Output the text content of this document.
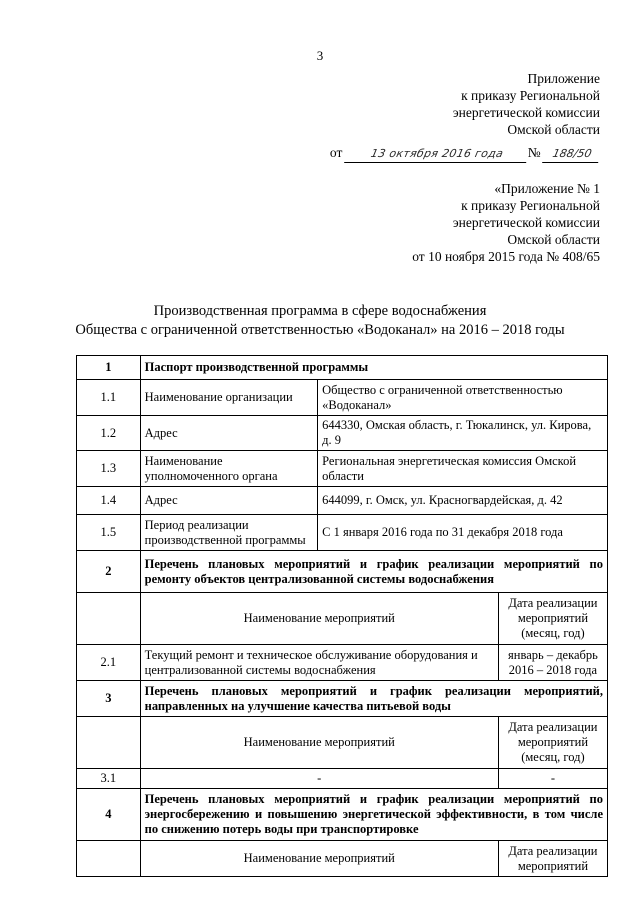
3
Приложение
к приказу Региональной
энергетической комиссии
Омской области
от 13 октября 2016 года № 188/50
«Приложение № 1
к приказу Региональной
энергетической комиссии
Омской области
от 10 ноября 2015 года № 408/65
Производственная программа в сфере водоснабжения
Общества с ограниченной ответственностью «Водоканал» на 2016 – 2018 годы
1	Паспорт производственной программы		
1.1	Наименование организации	Общество с ограниченной ответственностью «Водоканал»	
1.2	Адрес	644330, Омская область, г. Тюкалинск, ул. Кирова, д. 9	
1.3	Наименование уполномоченного органа	Региональная энергетическая комиссия Омской области	
1.4	Адрес	644099, г. Омск, ул. Красногвардейская, д. 42	
1.5	Период реализации производственной программы	С 1 января 2016 года по 31 декабря 2018 года	
2	Перечень плановых мероприятий и график реализации мероприятий по ремонту объектов централизованной системы водоснабжения		
	Наименование мероприятий		Дата реализации мероприятий (месяц, год)
2.1	Текущий ремонт и техническое обслуживание оборудования и централизованной системы водоснабжения		январь – декабрь 2016 – 2018 года
3	Перечень плановых мероприятий и график реализации мероприятий, направленных на улучшение качества питьевой воды		
	Наименование мероприятий		Дата реализации мероприятий (месяц, год)
3.1	-		-
4	Перечень плановых мероприятий и график реализации мероприятий по энергосбережению и повышению энергетической эффективности, в том числе по снижению потерь воды при транспортировке		
	Наименование мероприятий		Дата реализации мероприятий
